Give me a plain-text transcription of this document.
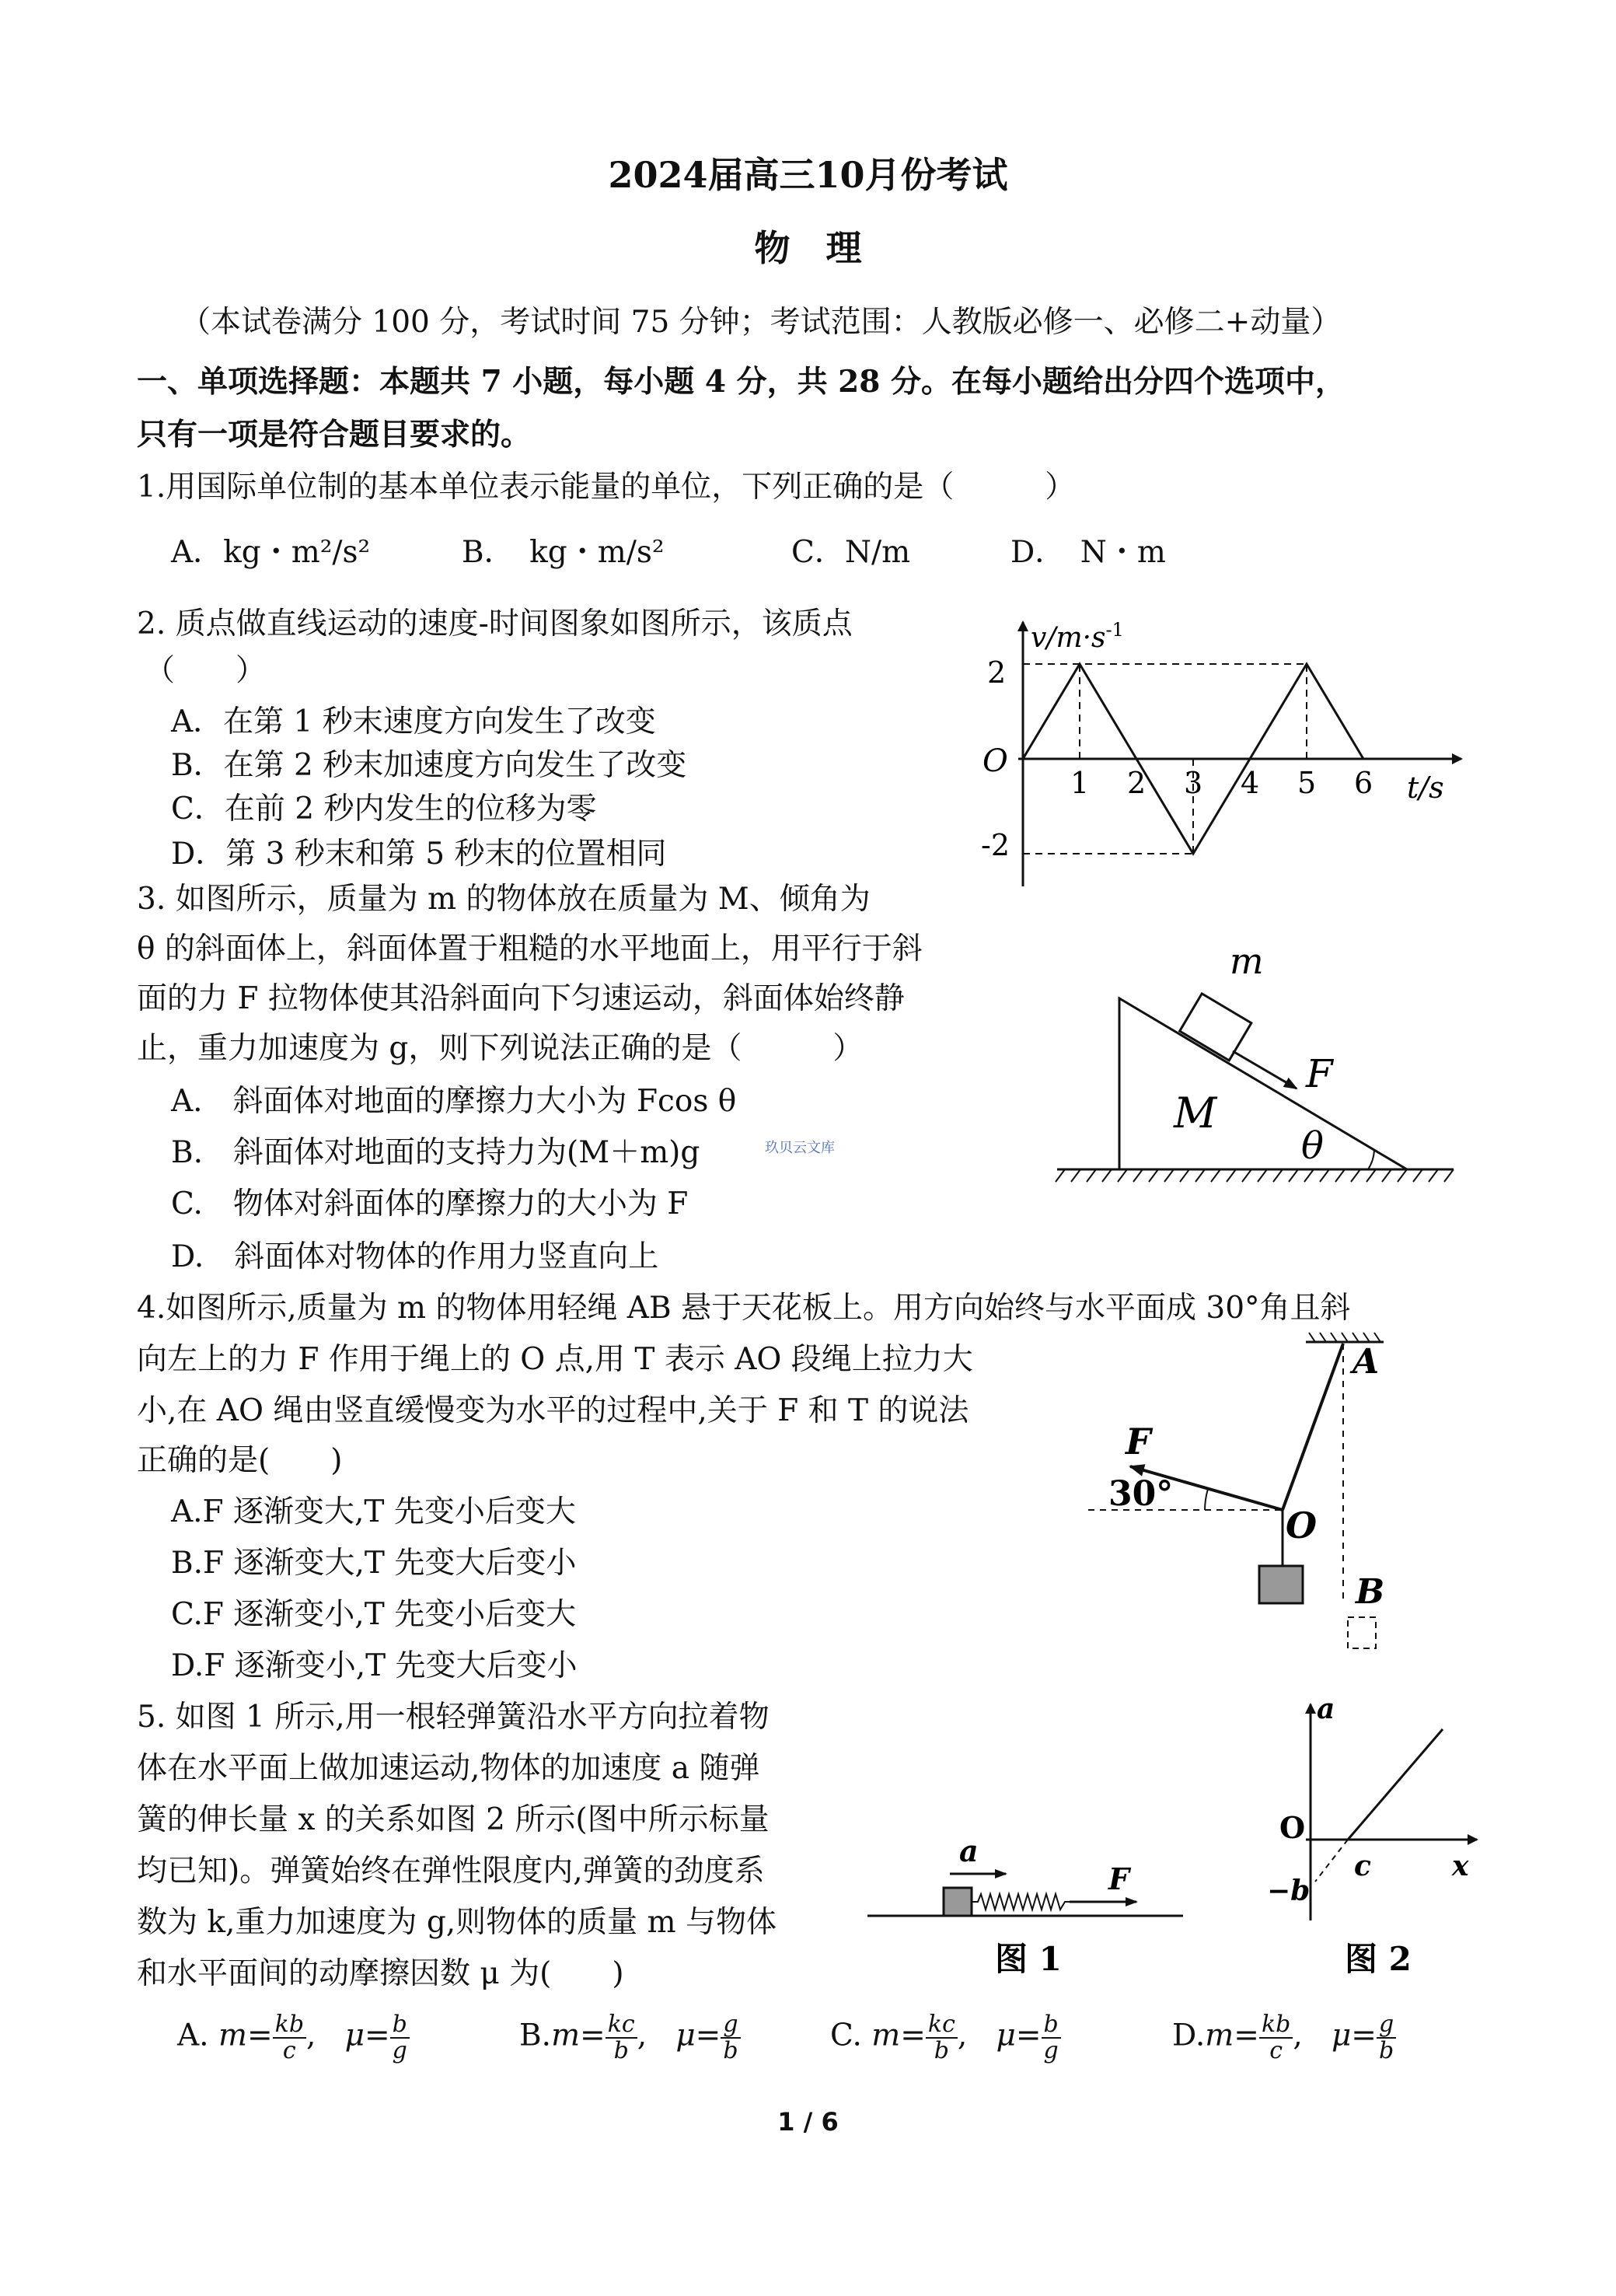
2024届高三10月份考试
物　理
（本试卷满分 100 分，考试时间 75 分钟；考试范围：人教版必修一、必修二+动量）
一、单项选择题：本题共 7 小题，每小题 4 分，共 28 分。在每小题给出分四个选项中，
只有一项是符合题目要求的。
1.用国际单位制的基本单位表示能量的单位，下列正确的是（　　　）
A．kg・m²/s²	B．　kg・m/s²	C．N/m	D．　N・m
2. 质点做直线运动的速度-时间图象如图所示，该质点
（　　）
A．在第 1 秒末速度方向发生了改变
B．在第 2 秒末加速度方向发生了改变
C．在前 2 秒内发生的位移为零
D．第 3 秒末和第 5 秒末的位置相同
1 2 3 4 5 6
O
2
-2
$v/m\cdot s^{-1}$
t/s
3. 如图所示，质量为 m 的物体放在质量为 M、倾角为
θ 的斜面体上，斜面体置于粗糙的水平地面上，用平行于斜
面的力 F 拉物体使其沿斜面向下匀速运动，斜面体始终静
止，重力加速度为 g，则下列说法正确的是（　　　）
A.　斜面体对地面的摩擦力大小为 Fcos θ
B.　斜面体对地面的支持力为(M＋m)g	玖贝云文库
C.　物体对斜面体的摩擦力的大小为 F
D.　斜面体对物体的作用力竖直向上
m
F
M
θ
4.如图所示,质量为 m 的物体用轻绳 AB 悬于天花板上。用方向始终与水平面成 30°角且斜
向左上的力 F 作用于绳上的 O 点,用 T 表示 AO 段绳上拉力大
小,在 AO 绳由竖直缓慢变为水平的过程中,关于 F 和 T 的说法
正确的是(　　)
A.F 逐渐变大,T 先变小后变大
B.F 逐渐变大,T 先变大后变小
C.F 逐渐变小,T 先变小后变大
D.F 逐渐变小,T 先变大后变小
F
30°
O
A
B
5. 如图 1 所示,用一根轻弹簧沿水平方向拉着物
体在水平面上做加速运动,物体的加速度 a 随弹
簧的伸长量 x 的关系如图 2 所示(图中所示标量
均已知)。弹簧始终在弹性限度内,弹簧的劲度系
数为 k,重力加速度为 g,则物体的质量 m 与物体
和水平面间的动摩擦因数 μ 为(　　)
a
F
图 1
a
O
c	x
−b
图 2
A. $m= \frac{kb}{c}$ ,   $\mu= \frac{b}{g}$	$B.m= \frac{kc}{b}$ ,   $\mu= \frac{g}{b}$	C. $m= \frac{kc}{b}$ ,   $\mu= \frac{b}{g}$	$D.m= \frac{kb}{c}$ ,   $\mu= \frac{g}{b}$
1 / 6
